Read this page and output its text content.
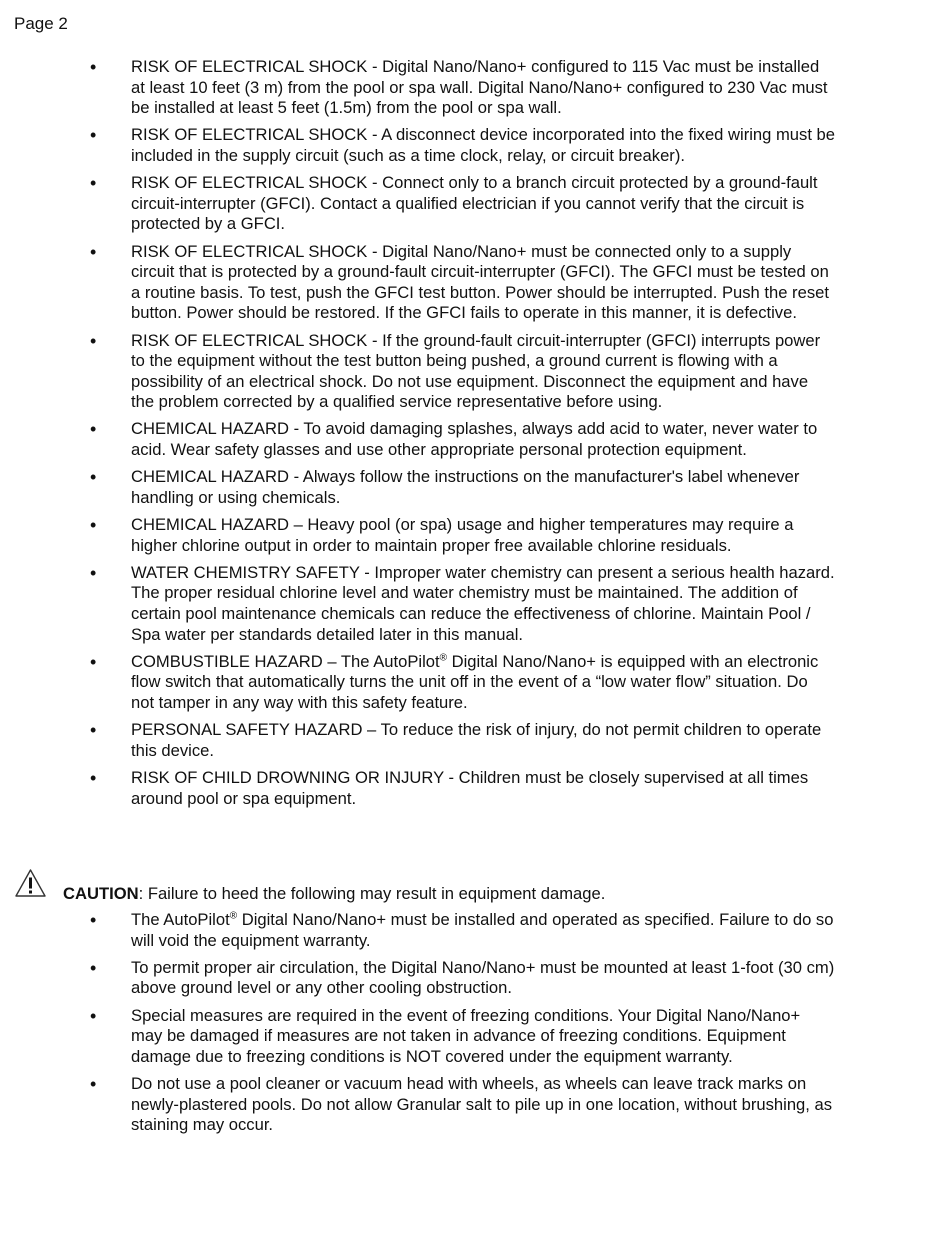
Page 2
• RISK OF ELECTRICAL SHOCK - Digital Nano/Nano+ configured to 115 Vac must be installed at least 10 feet (3 m) from the pool or spa wall. Digital Nano/Nano+ configured to 230 Vac must be installed at least 5 feet (1.5m) from the pool or spa wall.
• RISK OF ELECTRICAL SHOCK - A disconnect device incorporated into the fixed wiring must be included in the supply circuit (such as a time clock, relay, or circuit breaker).
• RISK OF ELECTRICAL SHOCK - Connect only to a branch circuit protected by a ground-fault circuit-interrupter (GFCI). Contact a qualified electrician if you cannot verify that the circuit is protected by a GFCI.
• RISK OF ELECTRICAL SHOCK - Digital Nano/Nano+ must be connected only to a supply circuit that is protected by a ground-fault circuit-interrupter (GFCI). The GFCI must be tested on a routine basis. To test, push the GFCI test button. Power should be interrupted. Push the reset button. Power should be restored. If the GFCI fails to operate in this manner, it is defective.
• RISK OF ELECTRICAL SHOCK - If the ground-fault circuit-interrupter (GFCI) interrupts power to the equipment without the test button being pushed, a ground current is flowing with a possibility of an electrical shock. Do not use equipment. Disconnect the equipment and have the problem corrected by a qualified service representative before using.
• CHEMICAL HAZARD - To avoid damaging splashes, always add acid to water, never water to acid. Wear safety glasses and use other appropriate personal protection equipment.
• CHEMICAL HAZARD - Always follow the instructions on the manufacturer's label whenever handling or using chemicals.
• CHEMICAL HAZARD – Heavy pool (or spa) usage and higher temperatures may require a higher chlorine output in order to maintain proper free available chlorine residuals.
• WATER CHEMISTRY SAFETY - Improper water chemistry can present a serious health hazard. The proper residual chlorine level and water chemistry must be maintained. The addition of certain pool maintenance chemicals can reduce the effectiveness of chlorine. Maintain Pool / Spa water per standards detailed later in this manual.
• COMBUSTIBLE HAZARD – The AutoPilot® Digital Nano/Nano+ is equipped with an electronic flow switch that automatically turns the unit off in the event of a “low water flow” situation. Do not tamper in any way with this safety feature.
• PERSONAL SAFETY HAZARD – To reduce the risk of injury, do not permit children to operate this device.
• RISK OF CHILD DROWNING OR INJURY - Children must be closely supervised at all times around pool or spa equipment.
CAUTION: Failure to heed the following may result in equipment damage.
• The AutoPilot® Digital Nano/Nano+ must be installed and operated as specified. Failure to do so will void the equipment warranty.
• To permit proper air circulation, the Digital Nano/Nano+ must be mounted at least 1-foot (30 cm) above ground level or any other cooling obstruction.
• Special measures are required in the event of freezing conditions. Your Digital Nano/Nano+ may be damaged if measures are not taken in advance of freezing conditions. Equipment damage due to freezing conditions is NOT covered under the equipment warranty.
• Do not use a pool cleaner or vacuum head with wheels, as wheels can leave track marks on newly-plastered pools. Do not allow Granular salt to pile up in one location, without brushing, as staining may occur.
